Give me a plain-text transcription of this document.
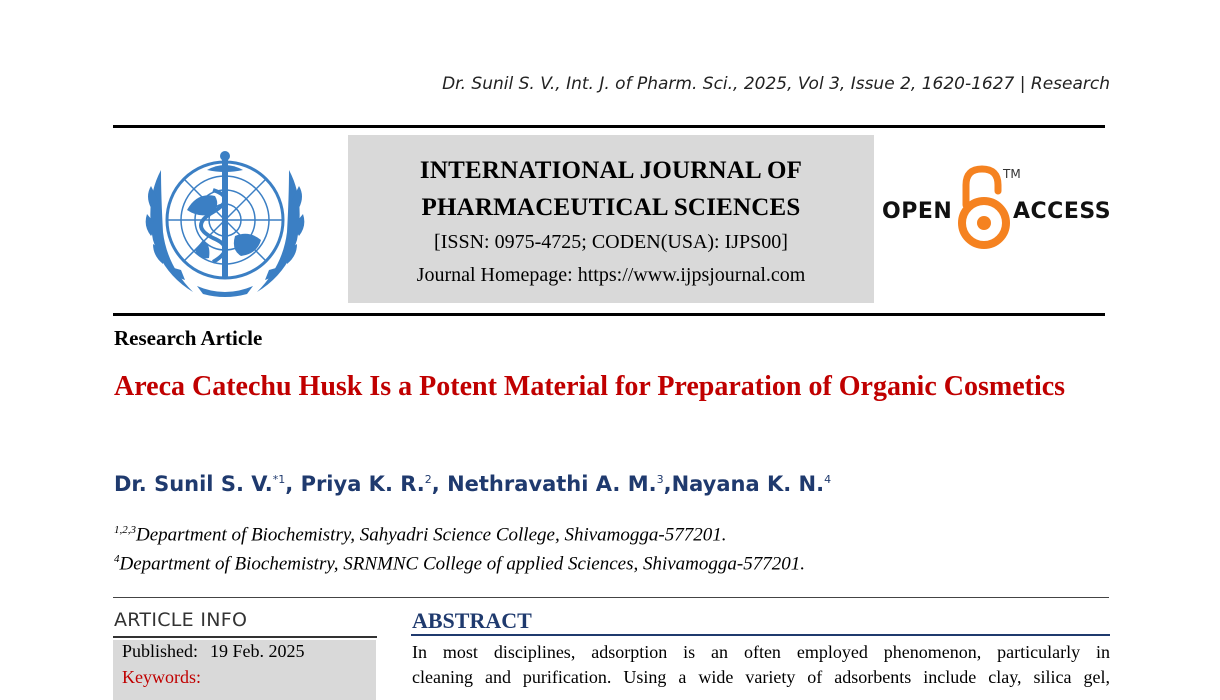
Dr. Sunil S. V., Int. J. of Pharm. Sci., 2025, Vol 3, Issue 2, 1620-1627 | Research
INTERNATIONAL JOURNAL OF
PHARMACEUTICAL SCIENCES
[ISSN: 0975-4725; CODEN(USA): IJPS00]
Journal Homepage: https://www.ijpsjournal.com
OPEN
TM
ACCESS
Research Article
Areca Catechu Husk Is a Potent Material for Preparation of Organic Cosmetics
Dr. Sunil S. V.$^{*1}$, Priya K. R.$^2$, Nethravathi A. M.$^3$,Nayana K. N.$^4$
$^{1,2,3}$Department of Biochemistry, Sahyadri Science College, Shivamogga-577201.
$^4$Department of Biochemistry, SRNMNC College of applied Sciences, Shivamogga-577201.
ARTICLE INFO
Published: 19 Feb. 2025
Keywords:
ABSTRACT
In most disciplines, adsorption is an often employed phenomenon, particularly in
cleaning and purification. Using a wide variety of adsorbents include clay, silica gel,
